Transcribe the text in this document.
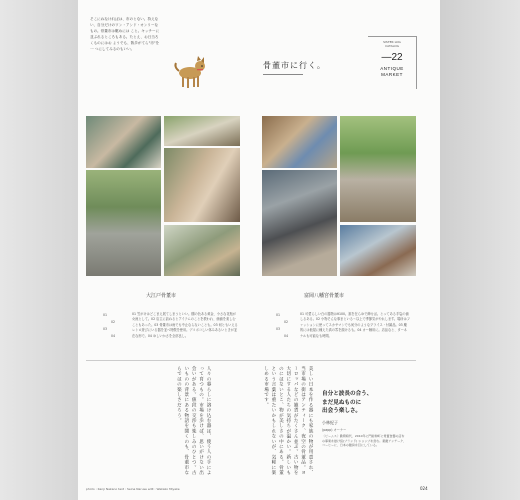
そこにねなければは、市のとない。持えない、自分だけのワン・アンド・オンリーなもの。骨董市は眺めには こと。キッチーに並ぶれるところもある。たとえ、お日当ろくものにはお ようでも、散歩がてら"市"を一 つにしてみるのもいい。
骨董市に行く。
SISTER LOG
CATALOG
—22
ANTIQUE
MARKET
大江戸骨董市
01
02
03
04
01 笠がけはどこまえ展てしまうといい。棚の色ある黄金、小さな花瓶が女流として。02 店主に訪ねるとアイテムのことを教われ、価値を楽しむこともあった。03 骨董市は雨でも中止ならないことも。03 何ともいえるレトロ遊びにいる器を並べ特徴を使用。デコボコしい休みあるいときが並在な形で。04 ゆしいかさを全部良し。
富岡八幡宮骨董市
01
02
03
04
01 可愛らしい白の器物は¥100。誰を在らゆで飾せば。とってある手袋の値しるある。02 小物そんな事まといる～以上で季節気がやれします。場所はファッションに使ってスカサマンでも何分のようなプライス・付属品。03 魔的には他屋に種えた真の雰を顔けるも。04 カー軸用に。店品なと、ターネナルも可能なも時間。
美しい日本を作る器にも家族の物が用意され、当市場の街はアンティーク、夜空の骨董品。ヨーロッパなどの雑貨がたくさん並ぶ。古い物を大切にする人たちの気持ちが温かい。新しいものにはないとこ、物が美しさの中にある。骨董という言葉は重たいかもしれないが、気軽に楽しめる市場です。
人々の暮らしに溶け込む器は、使う人の手によって育つもの。市場を歩けば、思いがけない出会いがある。値段の交渉も楽しみのひとつ。古いものの背景にある物語を聞くのも、骨董市ならではの楽しさだろう。	自分と波長の合う、
まだ見ぬものに
出会う楽しさ。
小林紀子
(papp) オーナー
〈ビームス〉勤務時代、2010年に門前仲町に骨董食器の店をの事業を掛け設(プランド) ショップを営む。素敵アンテーク、コーヒーに、日本の雑貨を目にしている。
photo : Kanji Nakano text : Seina Naruse edit : Wakako Miyake	024
